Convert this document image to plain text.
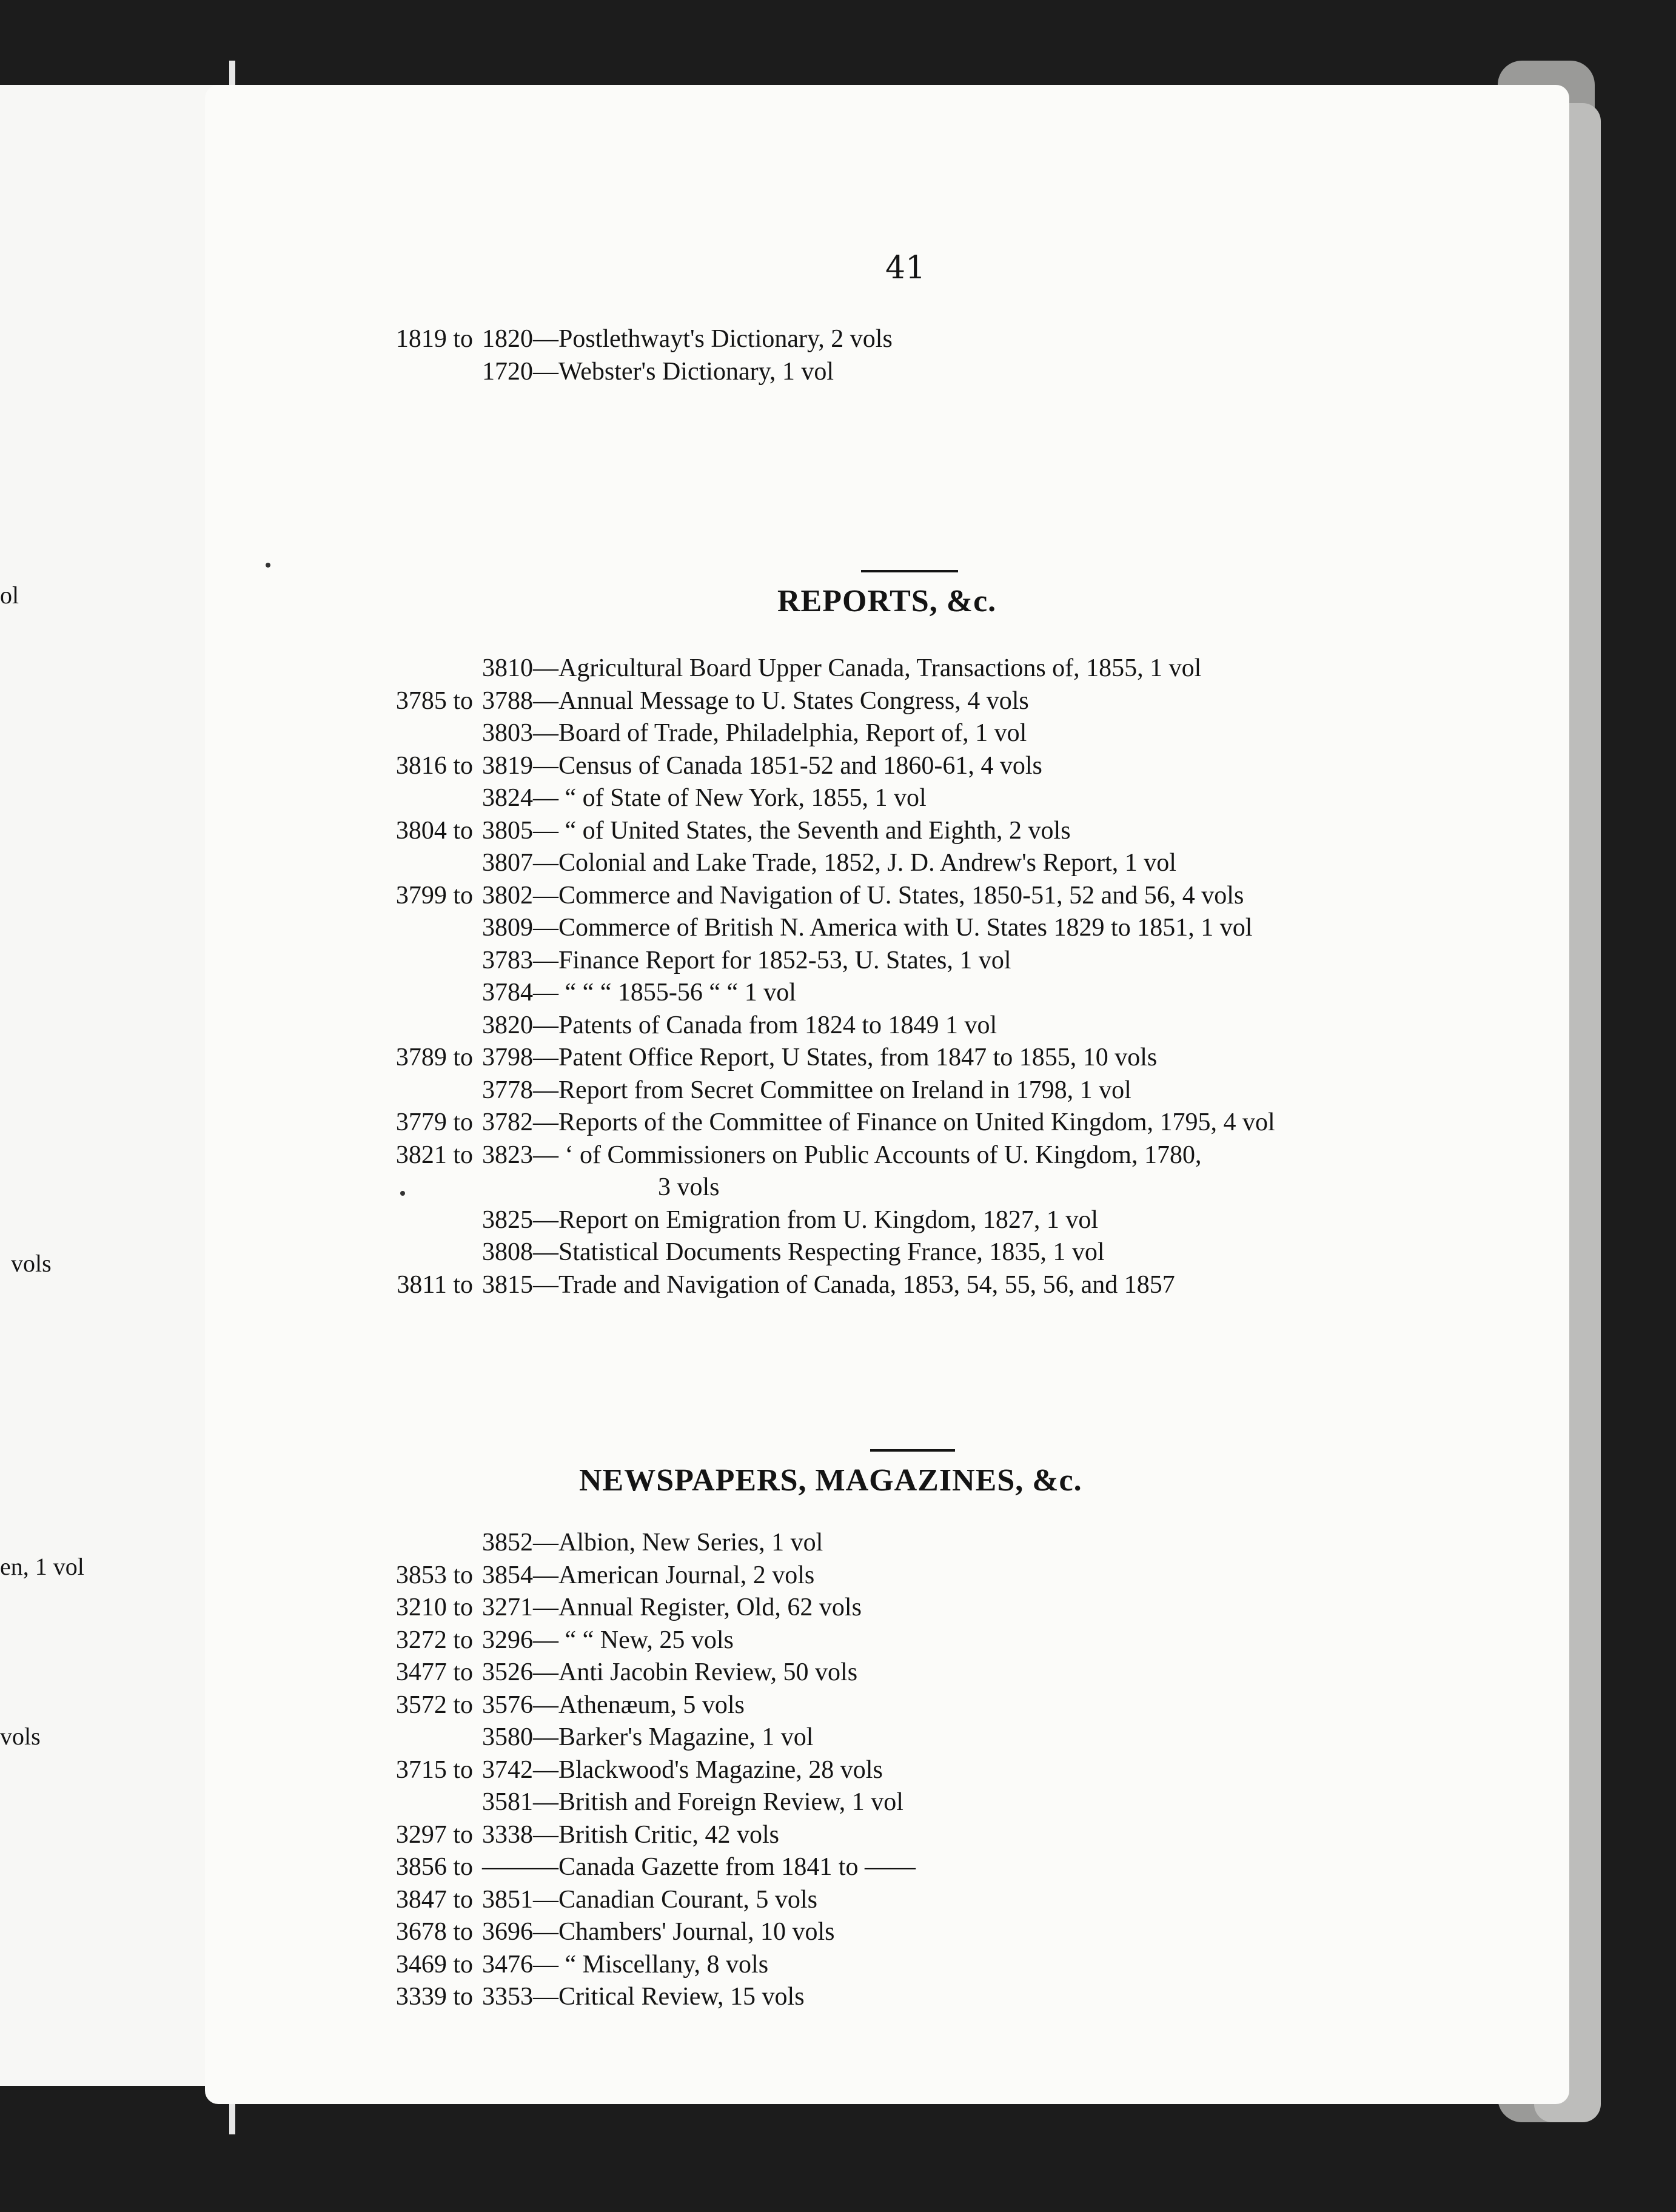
ol
vols
en, 1 vol
vols
41
1819 to 1820—Postlethwayt's Dictionary, 2 vols
1720—Webster's Dictionary, 1 vol
REPORTS, &c.
3810—Agricultural Board Upper Canada, Transactions of, 1855, 1 vol
3785 to 3788—Annual Message to U. States Congress, 4 vols
3803—Board of Trade, Philadelphia, Report of, 1 vol
3816 to 3819—Census of Canada 1851-52 and 1860-61, 4 vols
3824— “ of State of New York, 1855, 1 vol
3804 to 3805— “ of United States, the Seventh and Eighth, 2 vols
3807—Colonial and Lake Trade, 1852, J. D. Andrew's Report, 1 vol
3799 to 3802—Commerce and Navigation of U. States, 1850-51, 52 and 56, 4 vols
3809—Commerce of British N. America with U. States 1829 to 1851, 1 vol
3783—Finance Report for 1852-53, U. States, 1 vol
3784— “ “ “ 1855-56 “ “ 1 vol
3820—Patents of Canada from 1824 to 1849 1 vol
3789 to 3798—Patent Office Report, U States, from 1847 to 1855, 10 vols
3778—Report from Secret Committee on Ireland in 1798, 1 vol
3779 to 3782—Reports of the Committee of Finance on United Kingdom, 1795, 4 vol
3821 to 3823— ‘ of Commissioners on Public Accounts of U. Kingdom, 1780,
3 vols
3825—Report on Emigration from U. Kingdom, 1827, 1 vol
3808—Statistical Documents Respecting France, 1835, 1 vol
3811 to 3815—Trade and Navigation of Canada, 1853, 54, 55, 56, and 1857
NEWSPAPERS, MAGAZINES, &c.
3852—Albion, New Series, 1 vol
3853 to 3854—American Journal, 2 vols
3210 to 3271—Annual Register, Old, 62 vols
3272 to 3296— “ “ New, 25 vols
3477 to 3526—Anti Jacobin Review, 50 vols
3572 to 3576—Athenæum, 5 vols
3580—Barker's Magazine, 1 vol
3715 to 3742—Blackwood's Magazine, 28 vols
3581—British and Foreign Review, 1 vol
3297 to 3338—British Critic, 42 vols
3856 to ———Canada Gazette from 1841 to ——
3847 to 3851—Canadian Courant, 5 vols
3678 to 3696—Chambers' Journal, 10 vols
3469 to 3476— “ Miscellany, 8 vols
3339 to 3353—Critical Review, 15 vols
